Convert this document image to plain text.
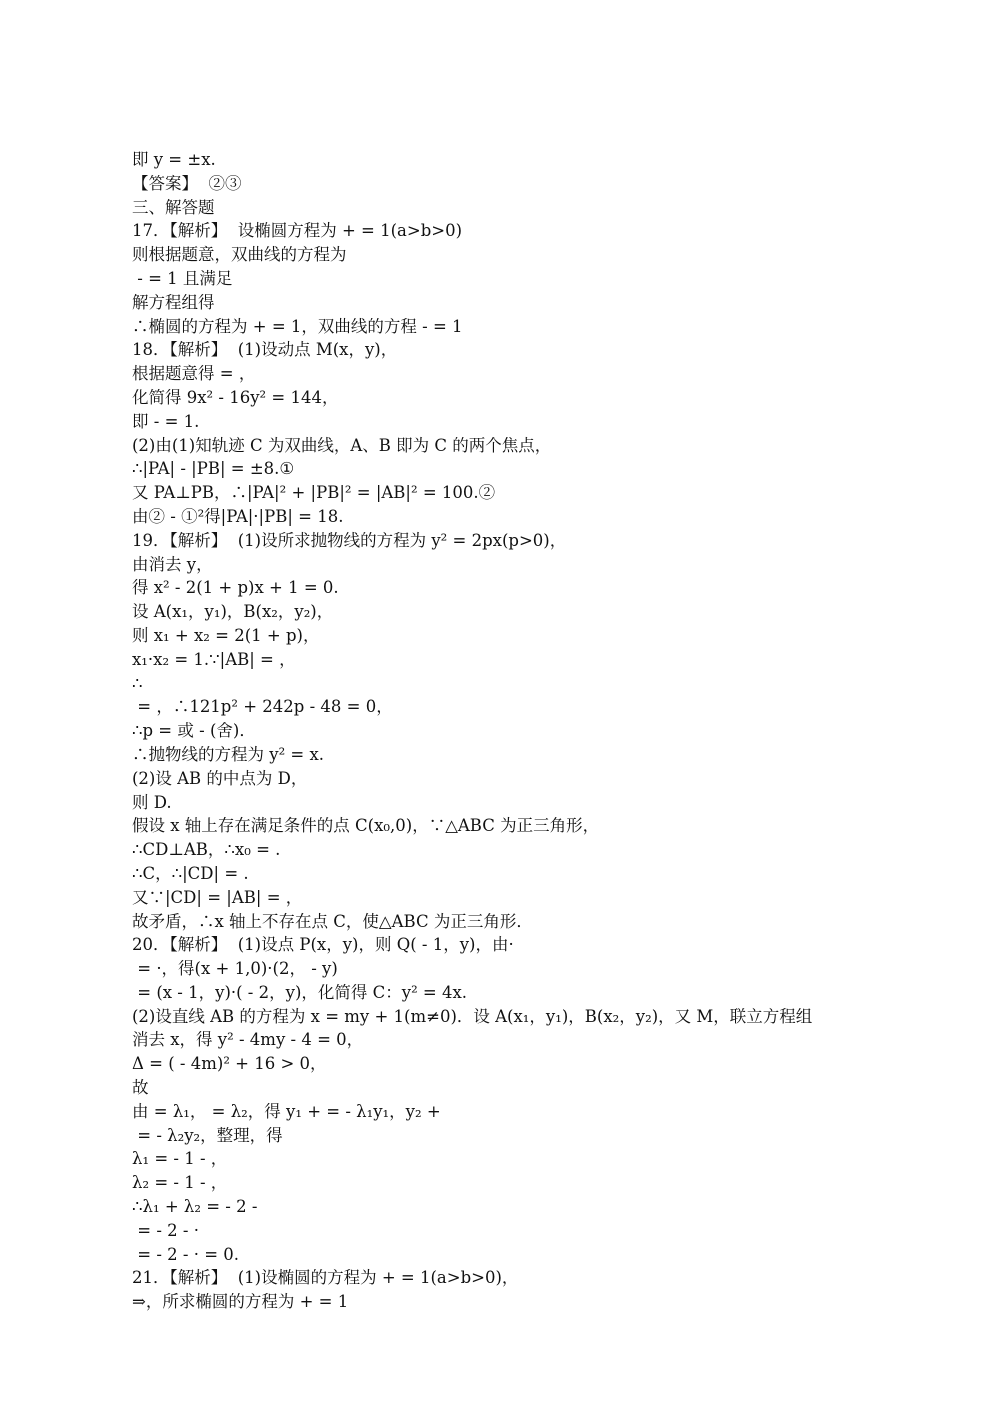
即 y = ±x.
【答案】  ②③
三、解答题
17．【解析】  设椭圆方程为 + = 1(a>b>0)
则根据题意，双曲线的方程为
- = 1 且满足
解方程组得
∴椭圆的方程为 + = 1，双曲线的方程 - = 1
18．【解析】  (1)设动点 M(x，y)，
根据题意得 = ，
化简得 9x² - 16y² = 144，
即 - = 1.
(2)由(1)知轨迹 C 为双曲线，A、B 即为 C 的两个焦点，
∴|PA| - |PB| = ±8.①
又 PA⊥PB，∴|PA|² + |PB|² = |AB|² = 100.②
由② - ①²得|PA|·|PB| = 18.
19．【解析】  (1)设所求抛物线的方程为 y² = 2px(p>0)，
由消去 y，
得 x² - 2(1 + p)x + 1 = 0.
设 A(x₁，y₁)，B(x₂，y₂)，
则 x₁ + x₂ = 2(1 + p)，
x₁·x₂ = 1.∵|AB| = ，
∴
= ，∴121p² + 242p - 48 = 0，
∴p = 或 - (舍)．
∴抛物线的方程为 y² = x.
(2)设 AB 的中点为 D，
则 D.
假设 x 轴上存在满足条件的点 C(x₀,0)，∵△ABC 为正三角形，
∴CD⊥AB，∴x₀ = .
∴C，∴|CD| = .
又∵|CD| = |AB| = ，
故矛盾，∴x 轴上不存在点 C，使△ABC 为正三角形．
20．【解析】  (1)设点 P(x，y)，则 Q( - 1，y)，由·
= ·，得(x + 1,0)·(2， - y)
= (x - 1，y)·( - 2，y)，化简得 C：y² = 4x.
(2)设直线 AB 的方程为 x = my + 1(m≠0)．设 A(x₁，y₁)，B(x₂，y₂)，又 M，联立方程组
消去 x，得 y² - 4my - 4 = 0，
Δ = ( - 4m)² + 16 > 0，
故
由 = λ₁， = λ₂，得 y₁ + = - λ₁y₁，y₂ +
= - λ₂y₂，整理，得
λ₁ = - 1 - ，
λ₂ = - 1 - ，
∴λ₁ + λ₂ = - 2 -
= - 2 - ·
= - 2 - · = 0.
21．【解析】  (1)设椭圆的方程为 + = 1(a>b>0)，
⇒，所求椭圆的方程为 + = 1
